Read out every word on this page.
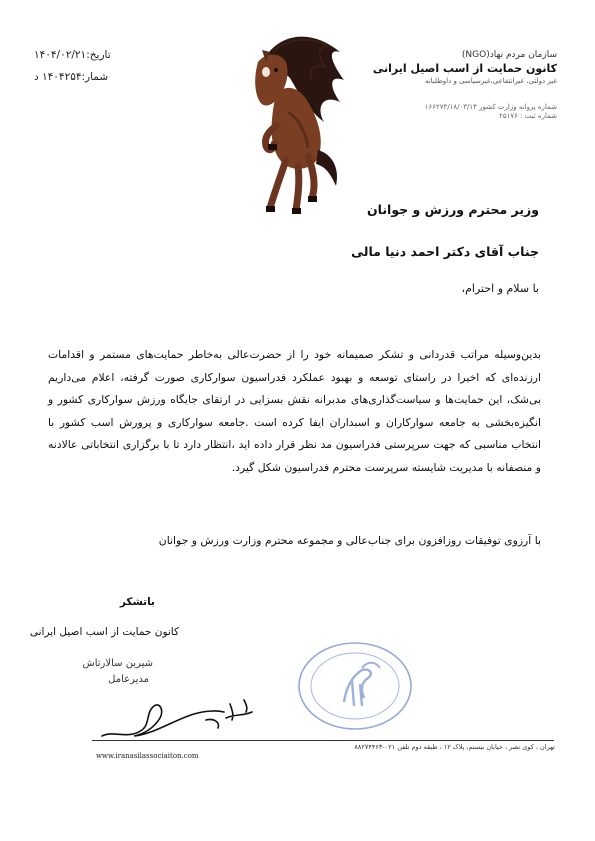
تاریخ:۱۴۰۴/۰۲/۲۱
شمار:۱۴۰۴۲۵۴ د
سازمان مردم نهاد(NGO)
کانون حمایت از اسب اصیل ایرانی
غیر دولتی، غیرانتفاعی،غیرسیاسی و داوطلبانه
شماره پروانه وزارت کشور ۱۶۶۲۷۴/۱۸/۰۳/۱۴
شماره ثبت : ۲۵۱۷۶
وزیر محترم ورزش و جوانان
جناب آقای دکتر احمد دنیا مالی
با سلام و احترام،
بدین‌وسیله مراتب قدردانی و تشکر صمیمانه خود را از حضرت‌عالی به‌خاطر حمایت‌های مستمر و اقدامات ارزنده‌ای که اخیرا در راستای توسعه و بهبود عملکرد فدراسیون سوارکاری صورت گرفته، اعلام می‌داریم بی‌شک، این حمایت‌ها و سیاست‌گذاری‌های مدبرانه نقش بسزایی در ارتقای جایگاه ورزش سوارکاری کشور و انگیزه‌بخشی به جامعه سوارکاران و اسبداران ایفا کرده است .جامعه سوارکاری و پرورش اسب کشور با انتخاب مناسبی که جهت سرپرستی فدراسیون مد نظر قرار داده اید ،انتظار دارد تا با برگزاری انتخاباتی عالادنه و منصفانه با مدیریت شایسته سرپرست محترم فدراسیون شکل گیرد.
با آرزوی توفیقات روزافزون برای جناب‌عالی و مجموعه محترم وزارت ورزش و جوانان
باتشکر
کانون حمایت از اسب اصیل ایرانی
شیرین سالارتاش
مدیرعامل
www.iranasilassociaiton.com
تهران ، کوی نصر ، خیابان بیستم، پلاک ۱۲ ، طبقه دوم تلفن ۰۲۱-۸۸۲۷۴۴۶۳
